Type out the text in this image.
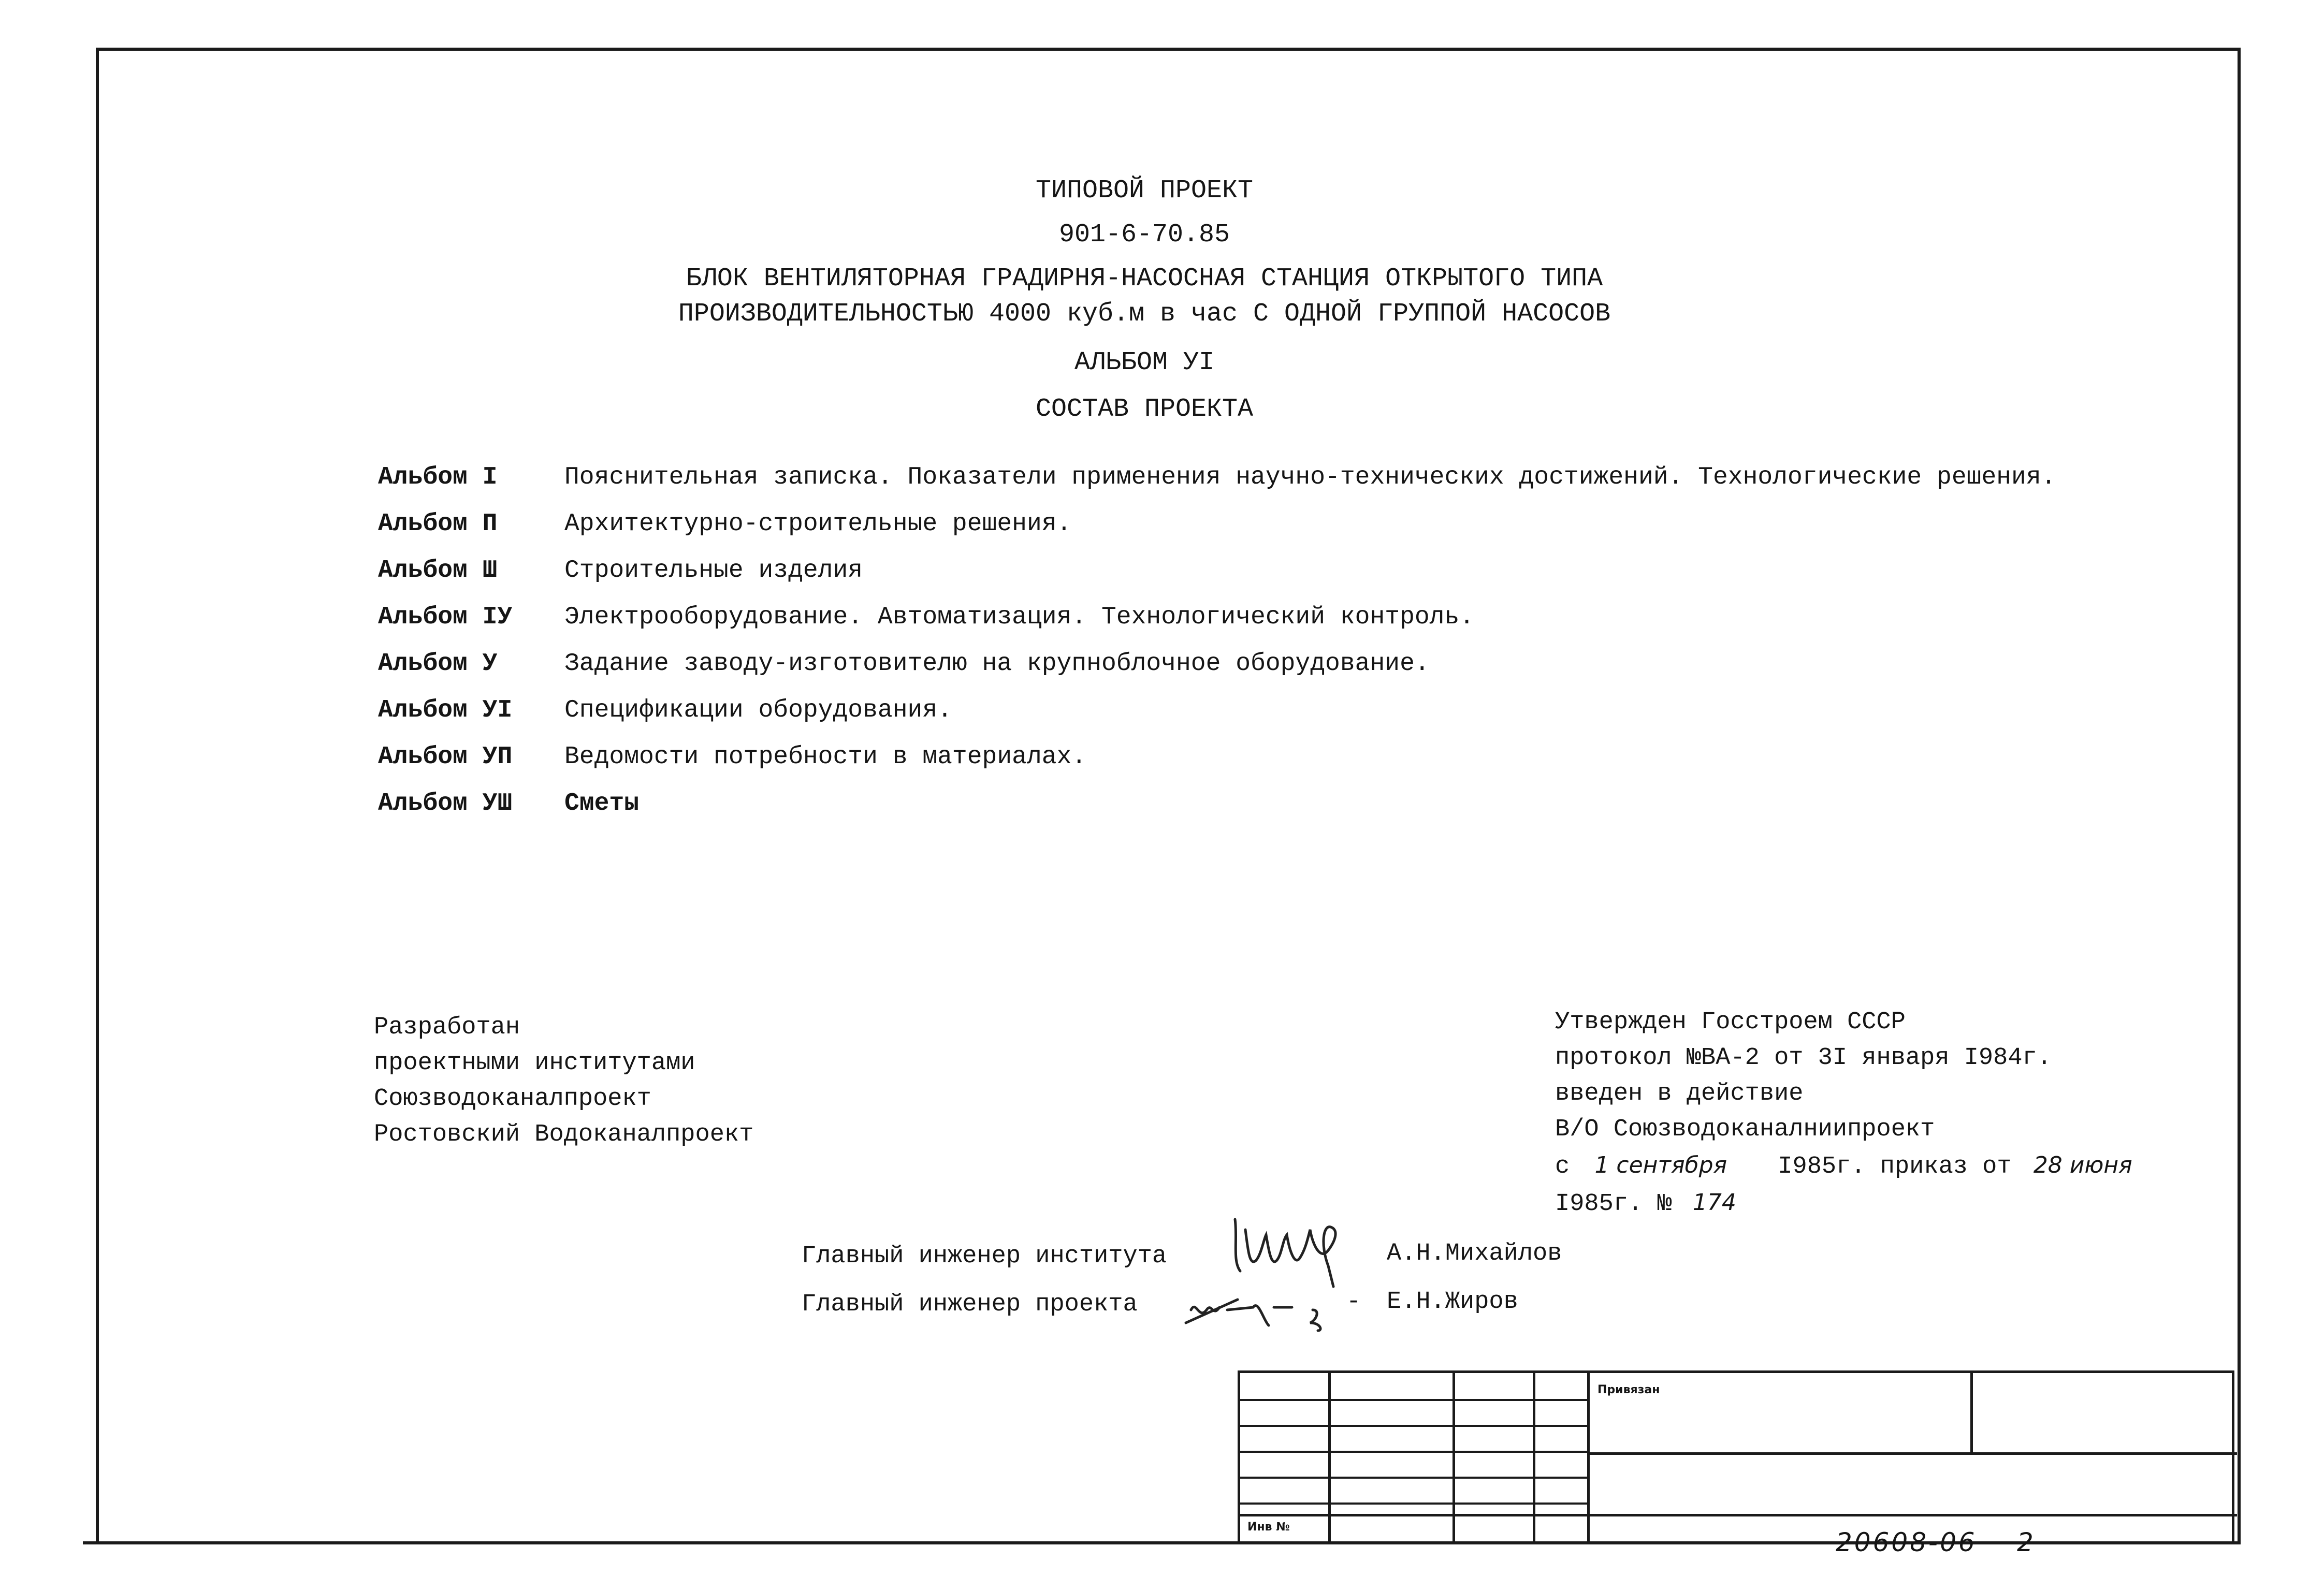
ТИПОВОЙ ПРОЕКТ
901-6-70.85
БЛОК ВЕНТИЛЯТОРНАЯ ГРАДИРНЯ-НАСОСНАЯ СТАНЦИЯ ОТКРЫТОГО ТИПА
ПРОИЗВОДИТЕЛЬНОСТЬЮ 4000 куб.м в час С ОДНОЙ ГРУППОЙ НАСОСОВ
АЛЬБОМ УI
СОСТАВ ПРОЕКТА
Альбом I	Пояснительная записка. Показатели применения научно-технических достижений. Технологические решения.
Альбом П	Архитектурно-строительные решения.
Альбом Ш	Строительные изделия
Альбом IУ Электрооборудование. Автоматизация. Технологический контроль.
Альбом У	Задание заводу-изготовителю на крупноблочное оборудование.
Альбом УI Спецификации оборудования.
Альбом УП Ведомости потребности в материалах.
Альбом УШ Сметы
Разработан
проектными институтами
Союзводоканалпроект
Ростовский Водоканалпроект
Утвержден Госстроем СССР
протокол №ВА-2 от 3I января I984г.
введен в действие
В/О Союзводоканалниипроект
с 1 сентября I985г. приказ от 28 июня
I985г. № 174
Главный инженер института
Главный инженер проекта
А.Н.Михайлов
Е.Н.Жиров
-
Привязан
Инв №
20608-06 2
